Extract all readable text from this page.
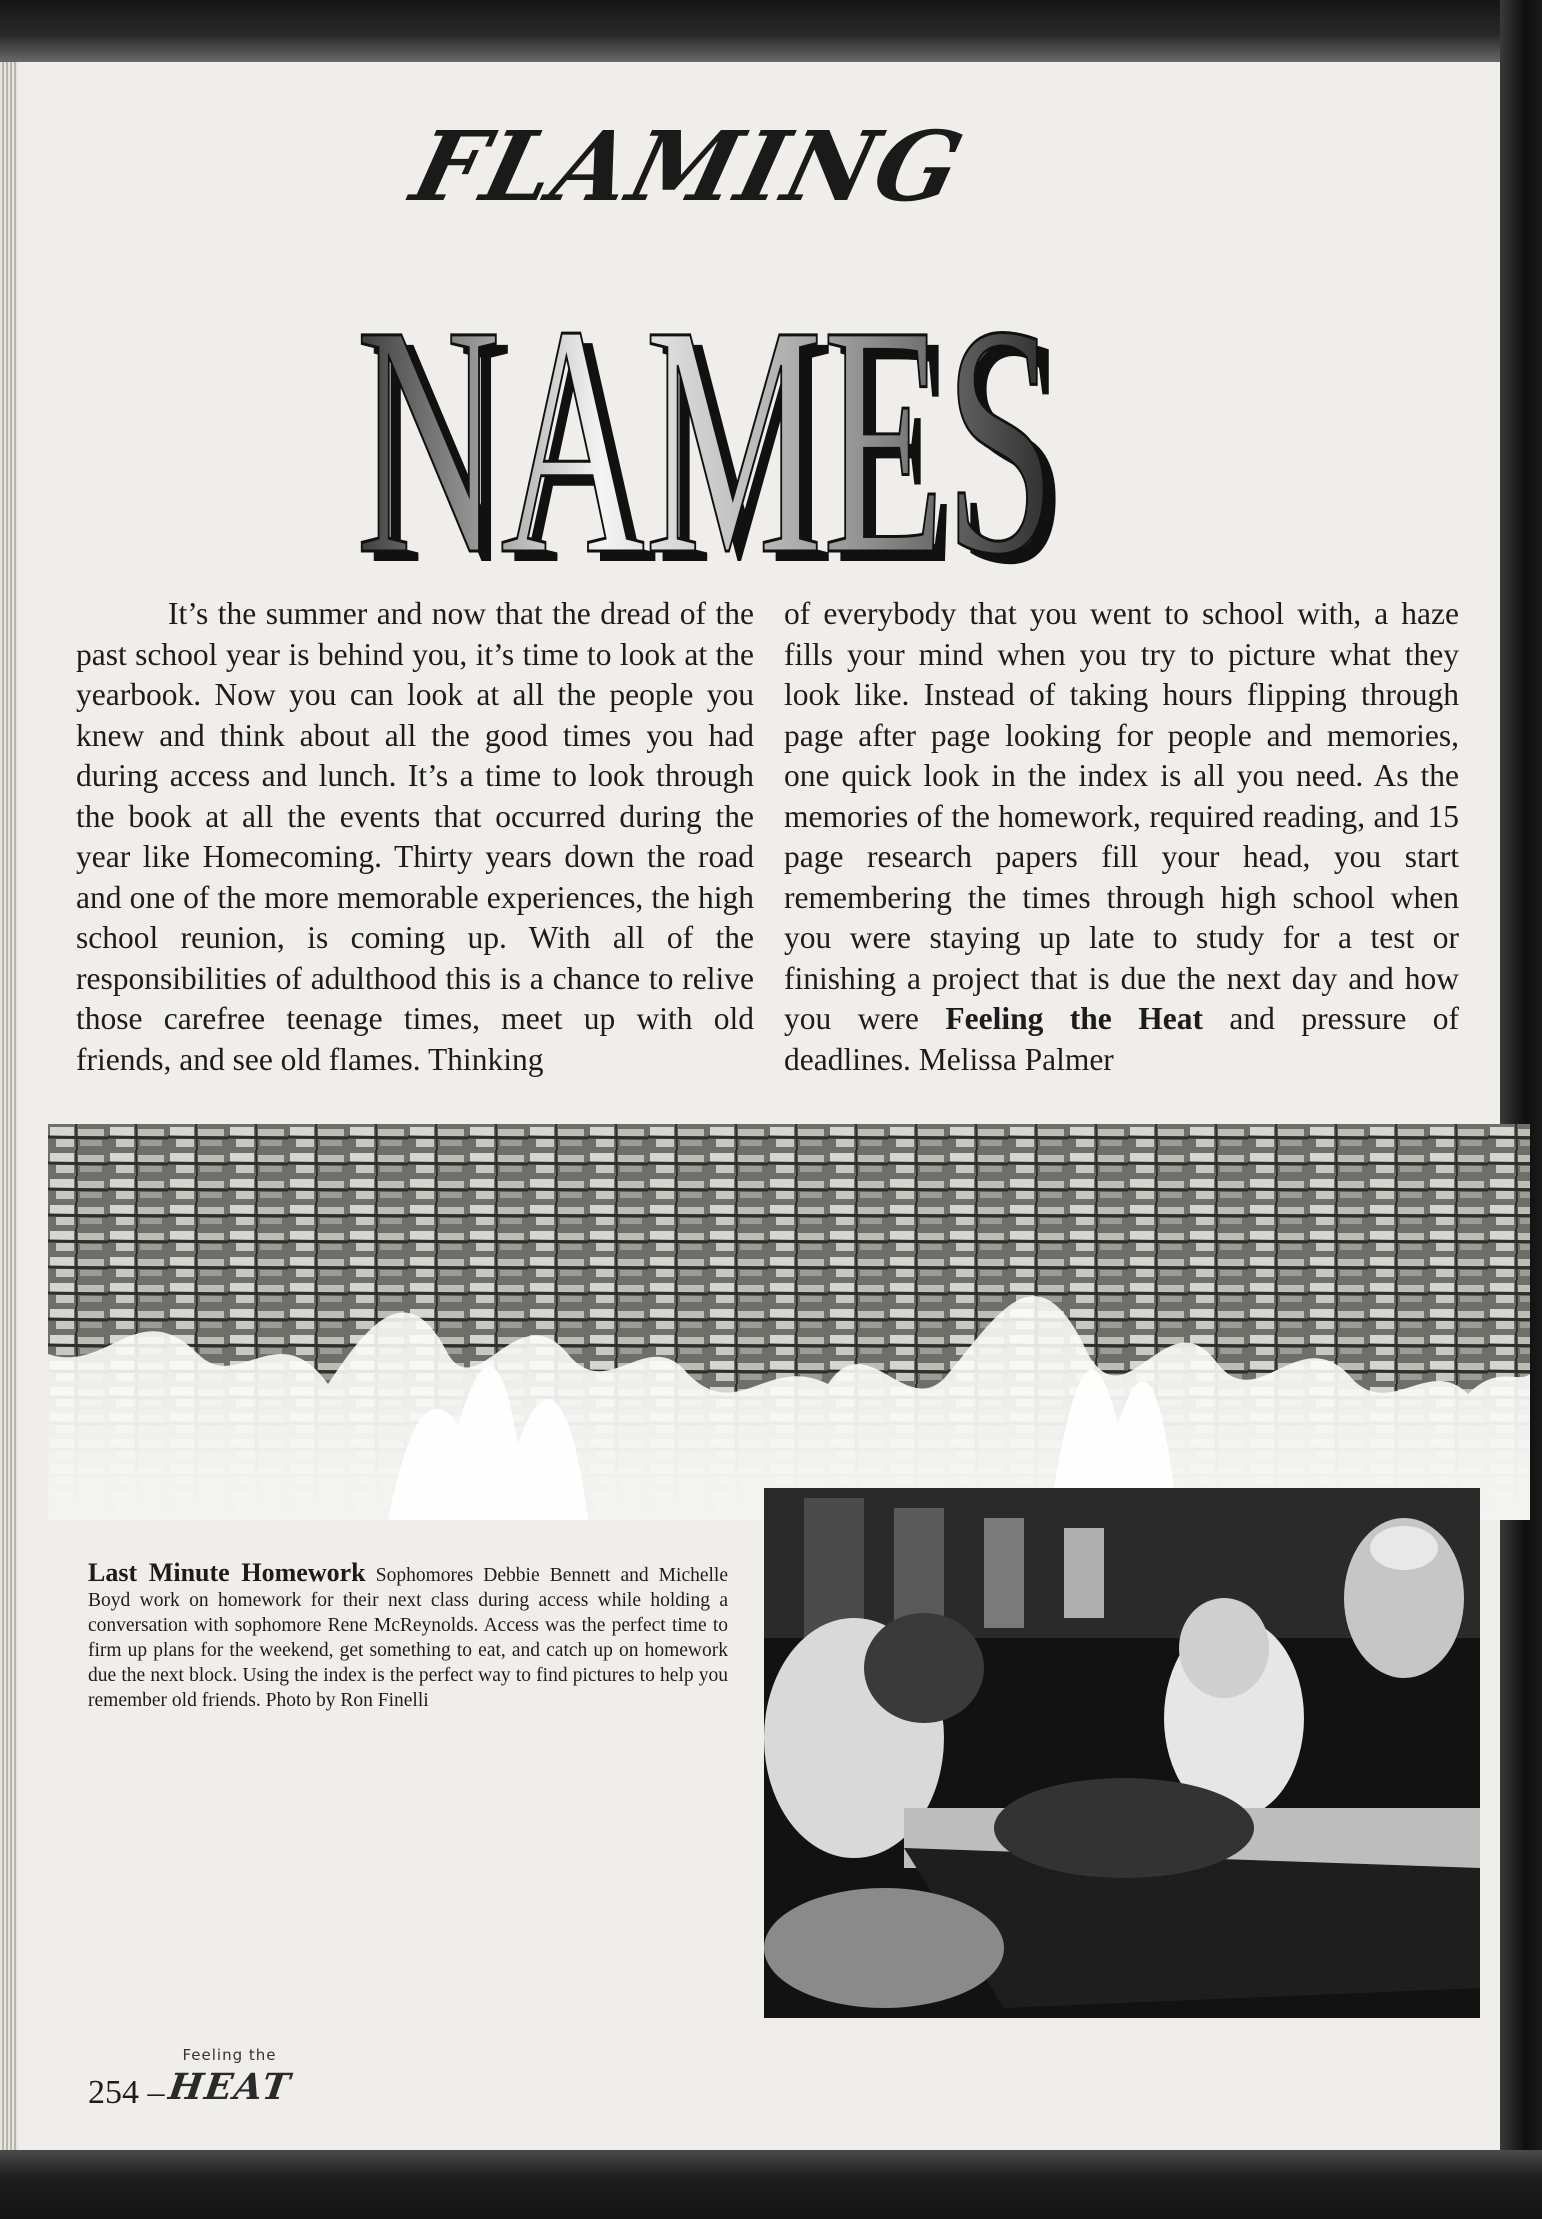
FLAMING
NAMES
NAMES
It’s the summer and now that the dread of the past school year is behind you, it’s time to look at the yearbook. Now you can look at all the people you knew and think about all the good times you had during access and lunch. It’s a time to look through the book at all the events that occurred during the year like Homecoming. Thirty years down the road and one of the more memorable experiences, the high school reunion, is coming up. With all of the responsibilities of adulthood this is a chance to relive those carefree teenage times, meet up with old friends, and see old flames. Thinking
of everybody that you went to school with, a haze fills your mind when you try to picture what they look like. Instead of taking hours flipping through page after page looking for people and memories, one quick look in the index is all you need. As the memories of the homework, required reading, and 15 page research papers fill your head, you start remembering the times through high school when you were staying up late to study for a test or finishing a project that is due the next day and how you were Feeling the Heat and pressure of deadlines. Melissa Palmer
Last Minute Homework Sophomores Debbie Bennett and Michelle Boyd work on homework for their next class during access while holding a conversation with sophomore Rene McReynolds. Access was the perfect time to firm up plans for the weekend, get something to eat, and catch up on homework due the next block. Using the index is the perfect way to find pictures to help you remember old friends. Photo by Ron Finelli
Feeling the
254 – HEAT
